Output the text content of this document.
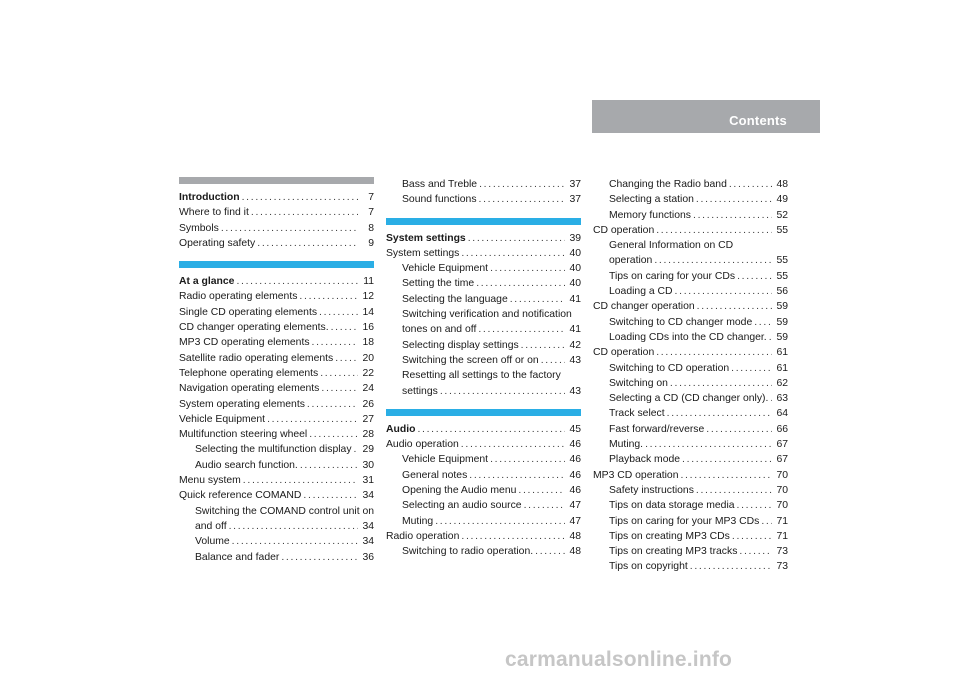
Contents
Introduction . . .	7
Where to find it . . .	7
Symbols . . .	8
Operating safety . . .	9
At a glance . . .	11
Radio operating elements . . .	12
Single CD operating elements . . .	14
CD changer operating elements. . . .	16
MP3 CD operating elements . . .	18
Satellite radio operating elements . . .	20
Telephone operating elements . . .	22
Navigation operating elements . . .	24
System operating elements . . .	26
Vehicle Equipment . . .	27
Multifunction steering wheel . . .	28
Selecting the multifunction display . . . 29
Audio search function. . . .	30
Menu system . . .	31
Quick reference COMAND . . .	34
Switching the COMAND control unit on
and off . . .	34
Volume . . .	34
Balance and fader . . .	36
Bass and Treble . . .	37
Sound functions . . .	37
System settings . . .	39
System settings . . .	40
Vehicle Equipment . . .	40
Setting the time . . .	40
Selecting the language . . .	41
Switching verification and notification
tones on and off . . .	41
Selecting display settings . . .	42
Switching the screen off or on . . .	43
Resetting all settings to the factory
settings . . .	43
Audio . . .	45
Audio operation . . .	46
Vehicle Equipment . . .	46
General notes . . .	46
Opening the Audio menu . . .	46
Selecting an audio source . . .	47
Muting . . .	47
Radio operation . . .	48
Switching to radio operation. . . .	48
Changing the Radio band . . .	48
Selecting a station . . .	49
Memory functions . . .	52
CD operation . . .	55
General Information on CD
operation . . .	55
Tips on caring for your CDs . . .	55
Loading a CD . . .	56
CD changer operation . . .	59
Switching to CD changer mode . . . 59
Loading CDs into the CD changer. . . . 59
CD operation . . .	61
Switching to CD operation . . .	61
Switching on . . .	62
Selecting a CD (CD changer only). . . . 63
Track select . . .	64
Fast forward/reverse . . .	66
Muting. . . .	67
Playback mode . . .	67
MP3 CD operation . . .	70
Safety instructions . . .	70
Tips on data storage media . . .	70
Tips on caring for your MP3 CDs . . . 71
Tips on creating MP3 CDs . . .	71
Tips on creating MP3 tracks . . .	73
Tips on copyright . . .	73
carmanualsonline.info
